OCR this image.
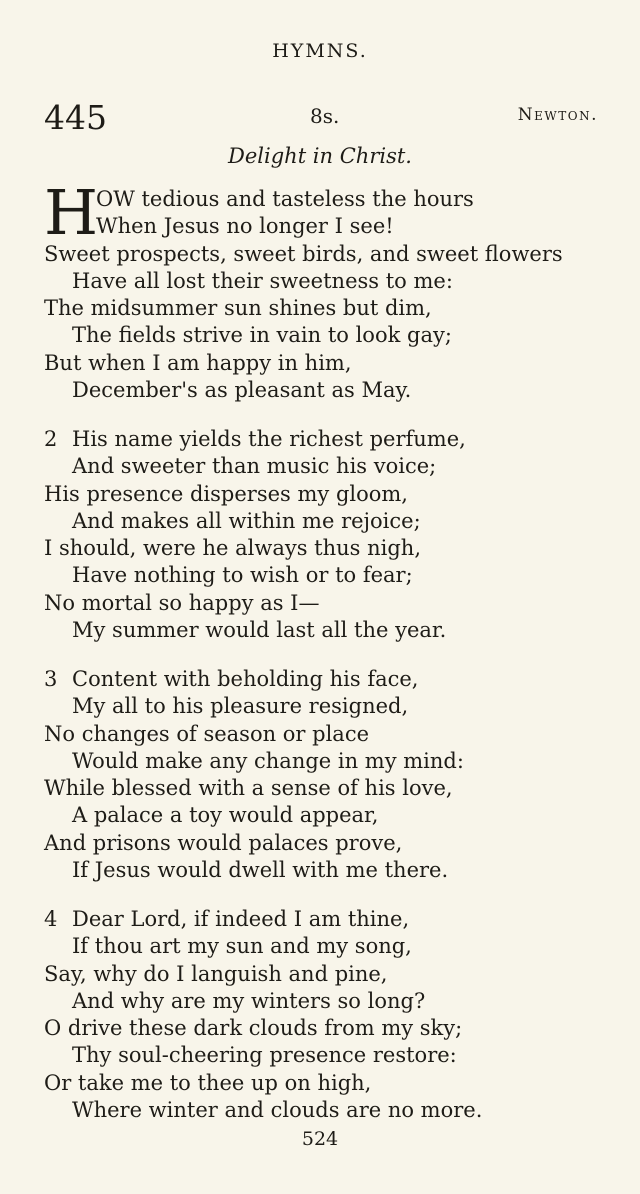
HYMNS.
445	8s.	Newton.
Delight in Christ.
H
OW tedious and tasteless the hours
When Jesus no longer I see!
Sweet prospects, sweet birds, and sweet flowers
Have all lost their sweetness to me:
The midsummer sun shines but dim,
The fields strive in vain to look gay;
But when I am happy in him,
December's as pleasant as May.
2 His name yields the richest perfume,
And sweeter than music his voice;
His presence disperses my gloom,
And makes all within me rejoice;
I should, were he always thus nigh,
Have nothing to wish or to fear;
No mortal so happy as I—
My summer would last all the year.
3 Content with beholding his face,
My all to his pleasure resigned,
No changes of season or place
Would make any change in my mind:
While blessed with a sense of his love,
A palace a toy would appear,
And prisons would palaces prove,
If Jesus would dwell with me there.
4 Dear Lord, if indeed I am thine,
If thou art my sun and my song,
Say, why do I languish and pine,
And why are my winters so long?
O drive these dark clouds from my sky;
Thy soul-cheering presence restore:
Or take me to thee up on high,
Where winter and clouds are no more.
524
